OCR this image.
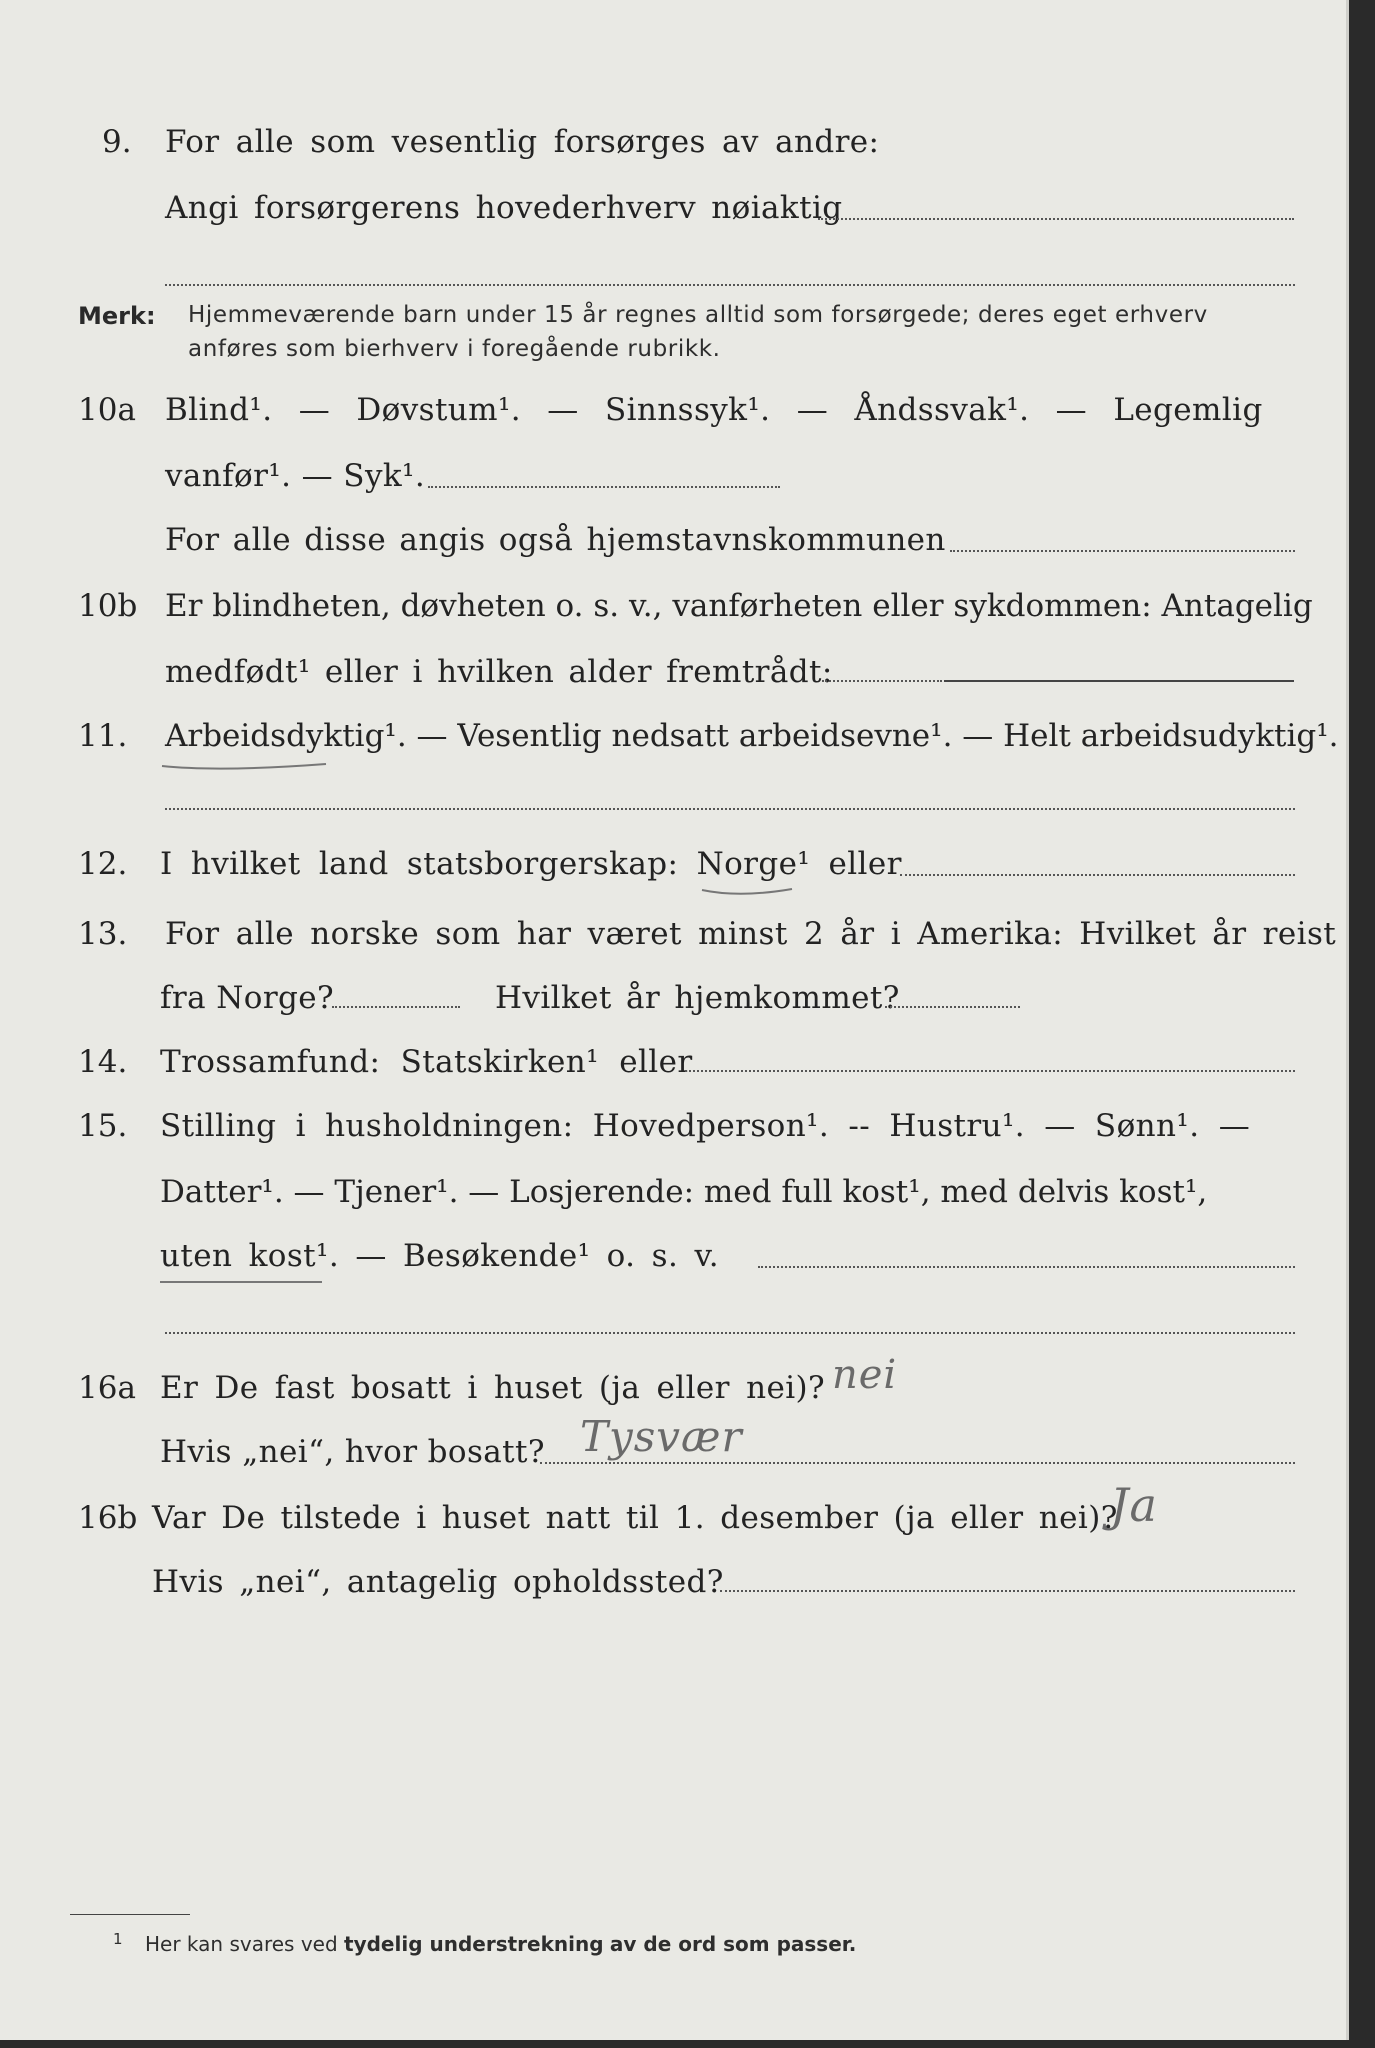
9. For alle som vesentlig forsørges av andre:
Angi forsørgerens hovederhverv nøiaktig
Merk: Hjemmeværende barn under 15 år regnes alltid som forsørgede; deres eget erhverv
anføres som bierhverv i foregående rubrikk.
10a Blind¹. — Døvstum¹. — Sinnssyk¹. — Åndssvak¹. — Legemlig
vanfør¹. — Syk¹.
For alle disse angis også hjemstavnskommunen
10b Er blindheten, døvheten o. s. v., vanførheten eller sykdommen: Antagelig
medfødt¹ eller i hvilken alder fremtrådt:
11. Arbeidsdyktig¹. — Vesentlig nedsatt arbeidsevne¹. — Helt arbeidsudyktig¹.
12. I hvilket land statsborgerskap: Norge¹ eller
13. For alle norske som har været minst 2 år i Amerika: Hvilket år reist
fra Norge?	Hvilket år hjemkommet?
14. Trossamfund: Statskirken¹ eller
15. Stilling i husholdningen: Hovedperson¹. -- Hustru¹. — Sønn¹. —
Datter¹. — Tjener¹. — Losjerende: med full kost¹, med delvis kost¹,
uten kost¹. — Besøkende¹ o. s. v.
16a Er De fast bosatt i huset (ja eller nei)? nei
Hvis „nei“, hvor bosatt? Tysvær
16b Var De tilstede i huset natt til 1. desember (ja eller nei)?
Ja
Hvis „nei“, antagelig opholdssted?
1 Her kan svares ved tydelig understrekning av de ord som passer.
